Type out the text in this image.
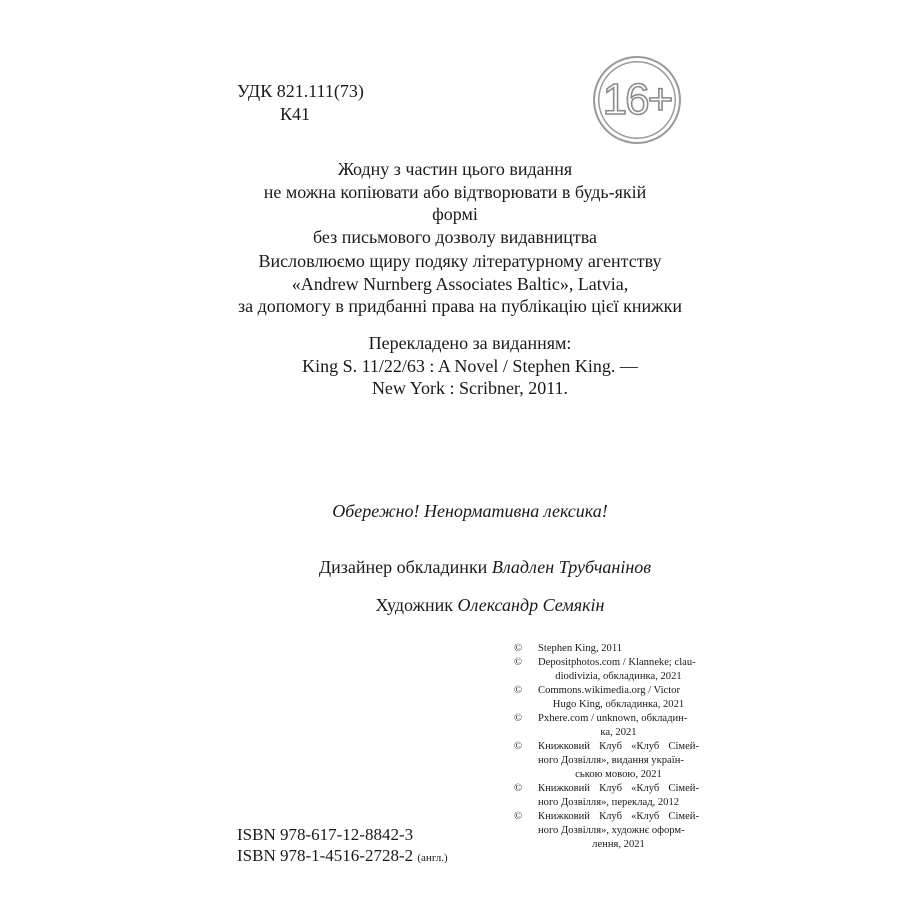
УДК 821.111(73)
К41	16+
Жодну з частин цього видання
не можна копіювати або відтворювати в будь-якій формі
без письмового дозволу видавництва
Висловлюємо щиру подяку літературному агентству
«Andrew Nurnberg Associates Baltic», Latvia,
за допомогу в придбанні права на публікацію цієї книжки
Перекладено за виданням:
King S. 11/22/63 : A Novel / Stephen King. —
New York : Scribner, 2011.
Обережно! Ненормативна лексика!
Дизайнер обкладинки Владлен Трубчанінов
Художник Олександр Семякін
© Stephen King, 2011
© Depositphotos.com / Klanneke; clau-
diodivizia, обкладинка, 2021
© Commons.wikimedia.org / Victor
Hugo King, обкладинка, 2021
© Pxhere.com / unknown, обкладин-
ка, 2021
© Книжковий Клуб «Клуб Сімей- ного Дозвілля», видання україн-
ською мовою, 2021
© Книжковий Клуб «Клуб Сімей- ного Дозвілля», переклад, 2012
© Книжковий Клуб «Клуб Сімей- ного Дозвілля», художнє оформ-
лення, 2021
ISBN 978-617-12-8842-3
ISBN 978-1-4516-2728-2 (англ.)
